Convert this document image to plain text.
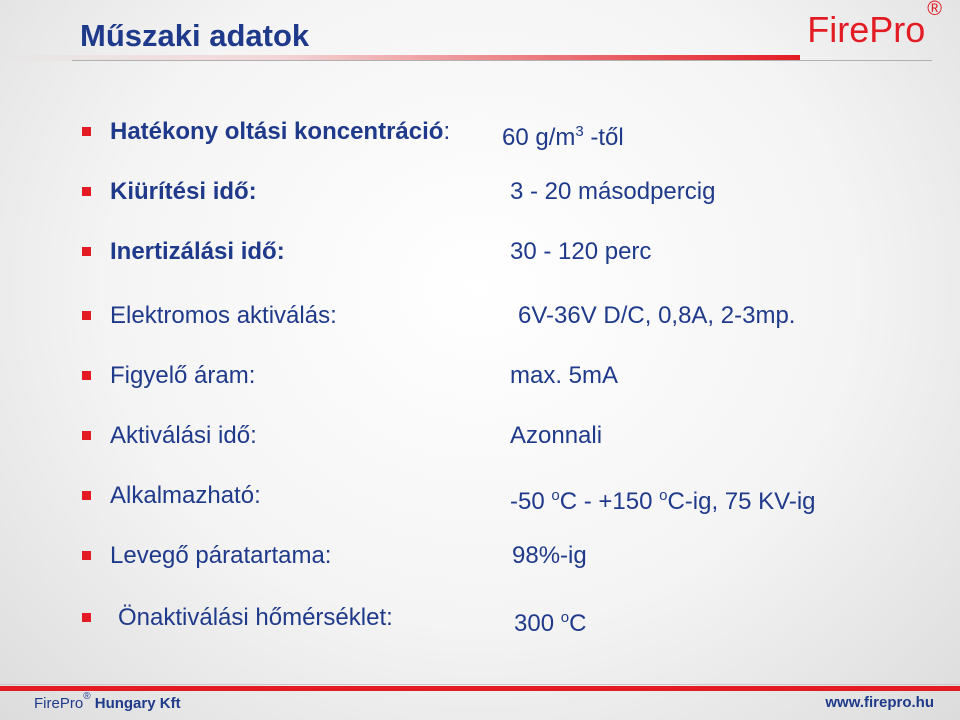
Műszaki adatok	FirePro ®
Hatékony oltási koncentráció: 60 $g/m^3$ -től
Kiürítési idő:	3 - 20 másodpercig
Inertizálási idő:	30 - 120 perc
Elektromos aktiválás:	6V-36V D/C, 0,8A, 2-3mp.
Figyelő áram:	max. 5mA
Aktiválási idő:	Azonnali
Alkalmazható:	-50 $^o$C - +150 $^o$C-ig, 75 KV-ig
Levegő páratartama:	98%-ig
Önaktiválási hőmérséklet:	300 $^o$C
FirePro® Hungary Kft	www.firepro.hu
